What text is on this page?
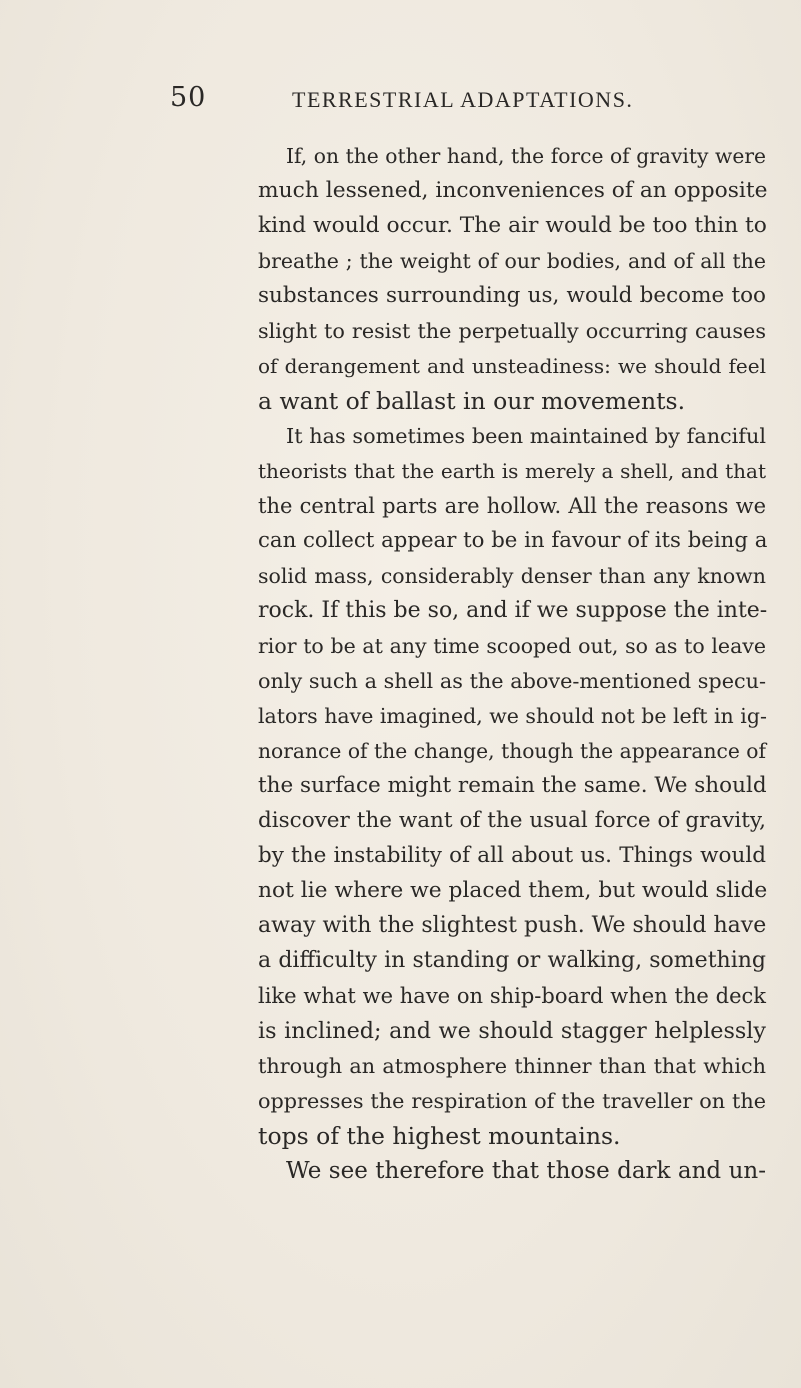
50	TERRESTRIAL ADAPTATIONS.
If, on the other hand, the force of gravity were
much lessened, inconveniences of an opposite
kind would occur. The air would be too thin to
breathe ; the weight of our bodies, and of all the
substances surrounding us, would become too
slight to resist the perpetually occurring causes
of derangement and unsteadiness: we should feel
a want of ballast in our movements.
It has sometimes been maintained by fanciful
theorists that the earth is merely a shell, and that
the central parts are hollow. All the reasons we
can collect appear to be in favour of its being a
solid mass, considerably denser than any known
rock. If this be so, and if we suppose the inte-
rior to be at any time scooped out, so as to leave
only such a shell as the above-mentioned specu-
lators have imagined, we should not be left in ig-
norance of the change, though the appearance of
the surface might remain the same. We should
discover the want of the usual force of gravity,
by the instability of all about us. Things would
not lie where we placed them, but would slide
away with the slightest push. We should have
a difficulty in standing or walking, something
like what we have on ship-board when the deck
is inclined; and we should stagger helplessly
through an atmosphere thinner than that which
oppresses the respiration of the traveller on the
tops of the highest mountains.
We see therefore that those dark and un-
